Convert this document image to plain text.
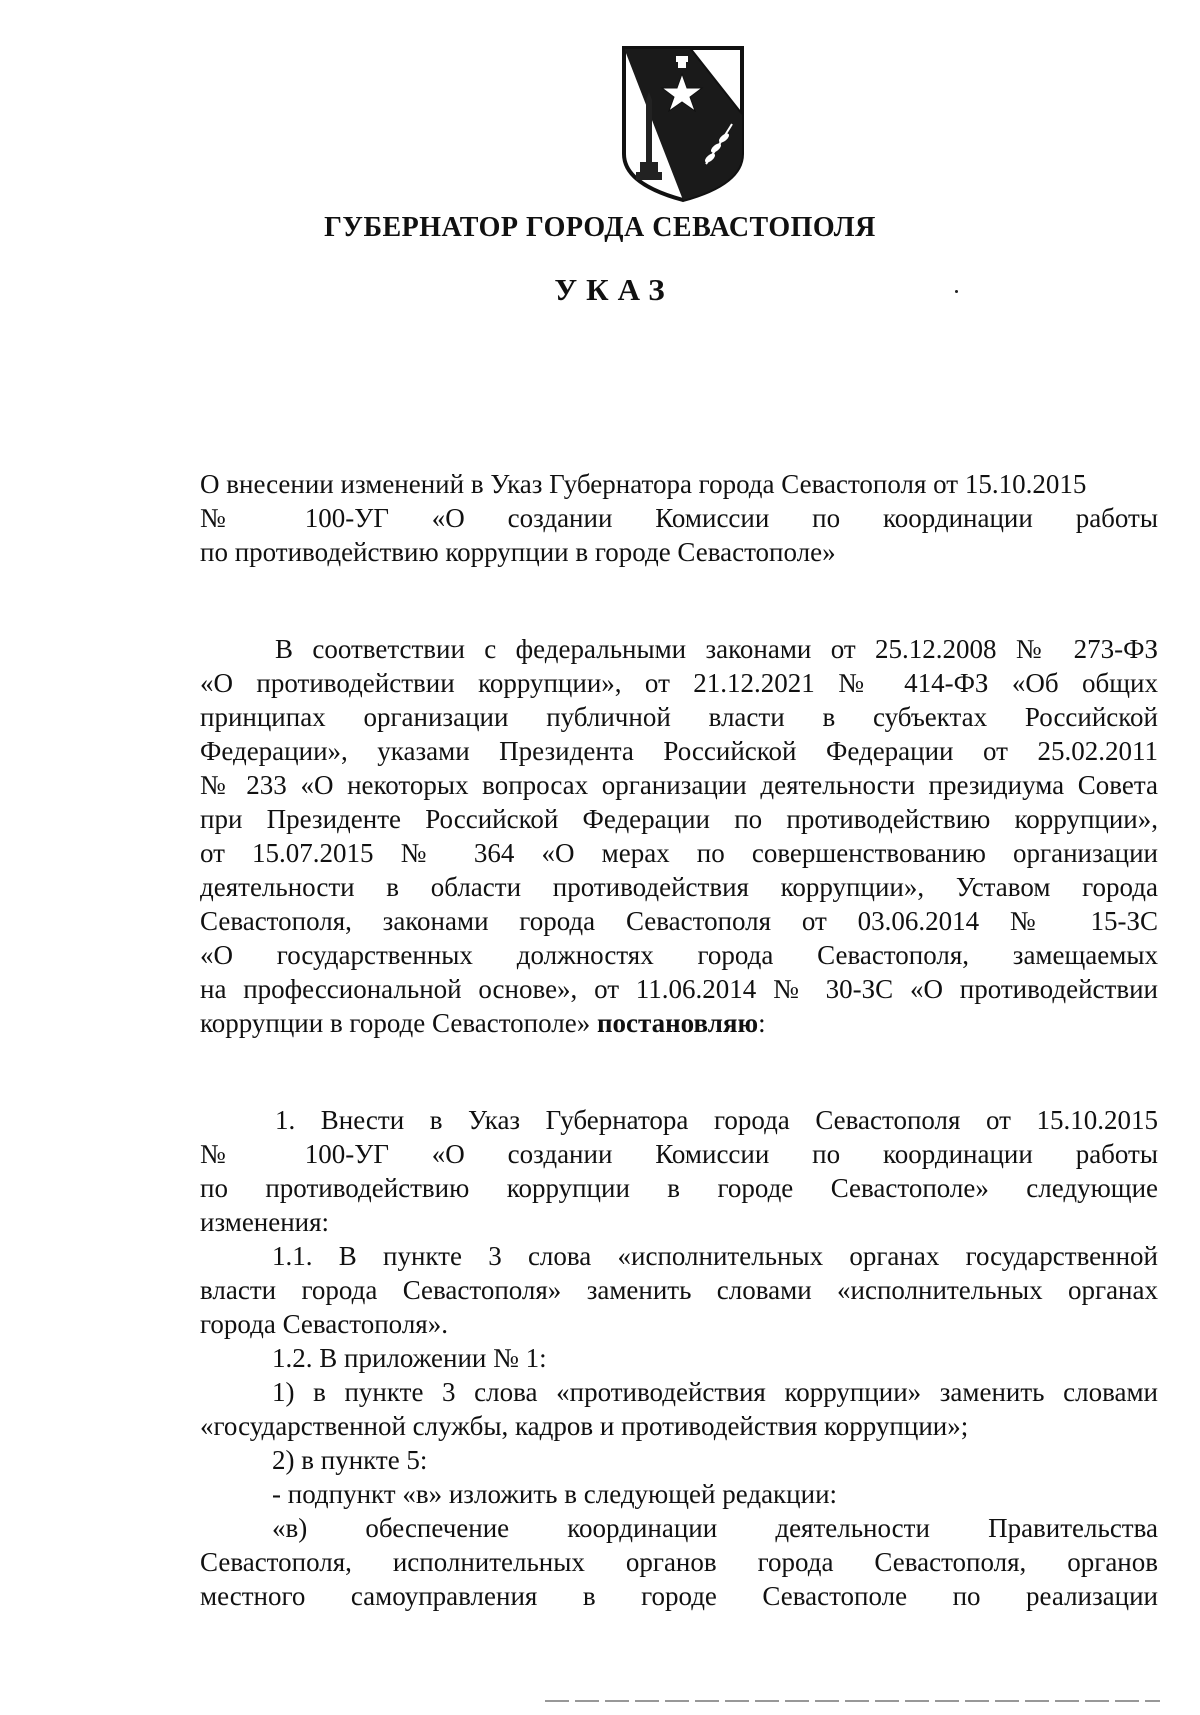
ГУБЕРНАТОР ГОРОДА СЕВАСТОПОЛЯ
УКАЗ
О внесении изменений в Указ Губернатора города Севастополя от 15.10.2015
№ 100-УГ «О создании Комиссии по координации работы
по противодействию коррупции в городе Севастополе»
В соответствии с федеральными законами от 25.12.2008 № 273-ФЗ
«О противодействии коррупции», от 21.12.2021 № 414-ФЗ «Об общих
принципах организации публичной власти в субъектах Российской
Федерации», указами Президента Российской Федерации от 25.02.2011
№ 233 «О некоторых вопросах организации деятельности президиума Совета
при Президенте Российской Федерации по противодействию коррупции»,
от 15.07.2015 № 364 «О мерах по совершенствованию организации
деятельности в области противодействия коррупции», Уставом города
Севастополя, законами города Севастополя от 03.06.2014 № 15-ЗС
«О государственных должностях города Севастополя, замещаемых
на профессиональной основе», от 11.06.2014 № 30-ЗС «О противодействии
коррупции в городе Севастополе» постановляю:
1. Внести в Указ Губернатора города Севастополя от 15.10.2015
№ 100-УГ «О создании Комиссии по координации работы
по противодействию коррупции в городе Севастополе» следующие
изменения:
1.1. В пункте 3 слова «исполнительных органах государственной
власти города Севастополя» заменить словами «исполнительных органах
города Севастополя».
1.2. В приложении № 1:
1) в пункте 3 слова «противодействия коррупции» заменить словами
«государственной службы, кадров и противодействия коррупции»;
2) в пункте 5:
- подпункт «в» изложить в следующей редакции:
«в) обеспечение координации деятельности Правительства
Севастополя, исполнительных органов города Севастополя, органов
местного самоуправления в городе Севастополе по реализации
